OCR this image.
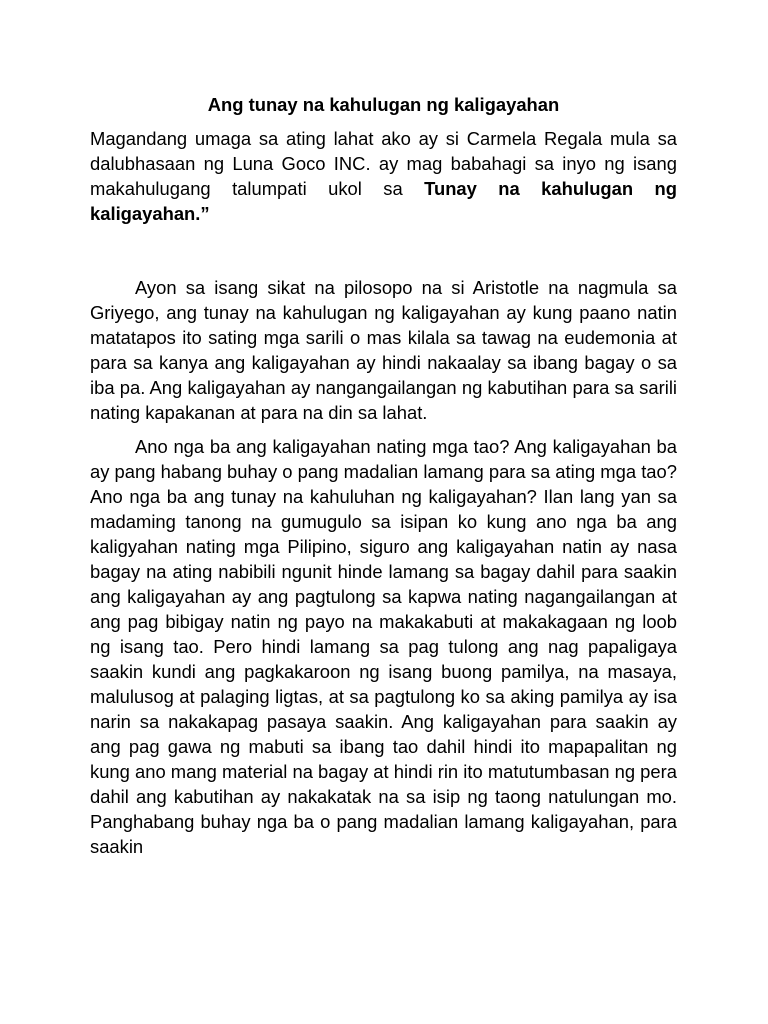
Ang tunay na kahulugan ng kaligayahan

Magandang umaga sa ating lahat ako ay si Carmela Regala mula sa dalubhasaan ng Luna Goco INC. ay mag babahagi sa inyo ng isang makahulugang talumpati ukol sa Tunay na kahulugan ng kaligayahan.”

Ayon sa isang sikat na pilosopo na si Aristotle na nagmula sa Griyego, ang tunay na kahulugan ng kaligayahan ay kung paano natin matatapos ito sating mga sarili o mas kilala sa tawag na eudemonia at para sa kanya ang kaligayahan ay hindi nakaalay sa ibang bagay o sa iba pa. Ang kaligayahan ay nangangailangan ng kabutihan para sa sarili nating kapakanan at para na din sa lahat.

Ano nga ba ang kaligayahan nating mga tao? Ang kaligayahan ba ay pang habang buhay o pang madalian lamang para sa ating mga tao? Ano nga ba ang tunay na kahuluhan ng kaligayahan? Ilan lang yan sa madaming tanong na gumugulo sa isipan ko kung ano nga ba ang kaligyahan nating mga Pilipino, siguro ang kaligayahan natin ay nasa bagay na ating nabibili ngunit hinde lamang sa bagay dahil para saakin ang kaligayahan ay ang pagtulong sa kapwa nating nagangailangan at ang pag bibigay natin ng payo na makakabuti at makakagaan ng loob ng isang tao. Pero hindi lamang sa pag tulong ang nag papaligaya saakin kundi ang pagkakaroon ng isang buong pamilya, na masaya, malulusog at palaging ligtas, at sa pagtulong ko sa aking pamilya ay isa narin sa nakakapag pasaya saakin. Ang kaligayahan para saakin ay ang pag gawa ng mabuti sa ibang tao dahil hindi ito mapapalitan ng kung ano mang material na bagay at hindi rin ito matutumbasan ng pera dahil ang kabutihan ay nakakatak na sa isip ng taong natulungan mo. Panghabang buhay nga ba o pang madalian lamang kaligayahan, para saakin
